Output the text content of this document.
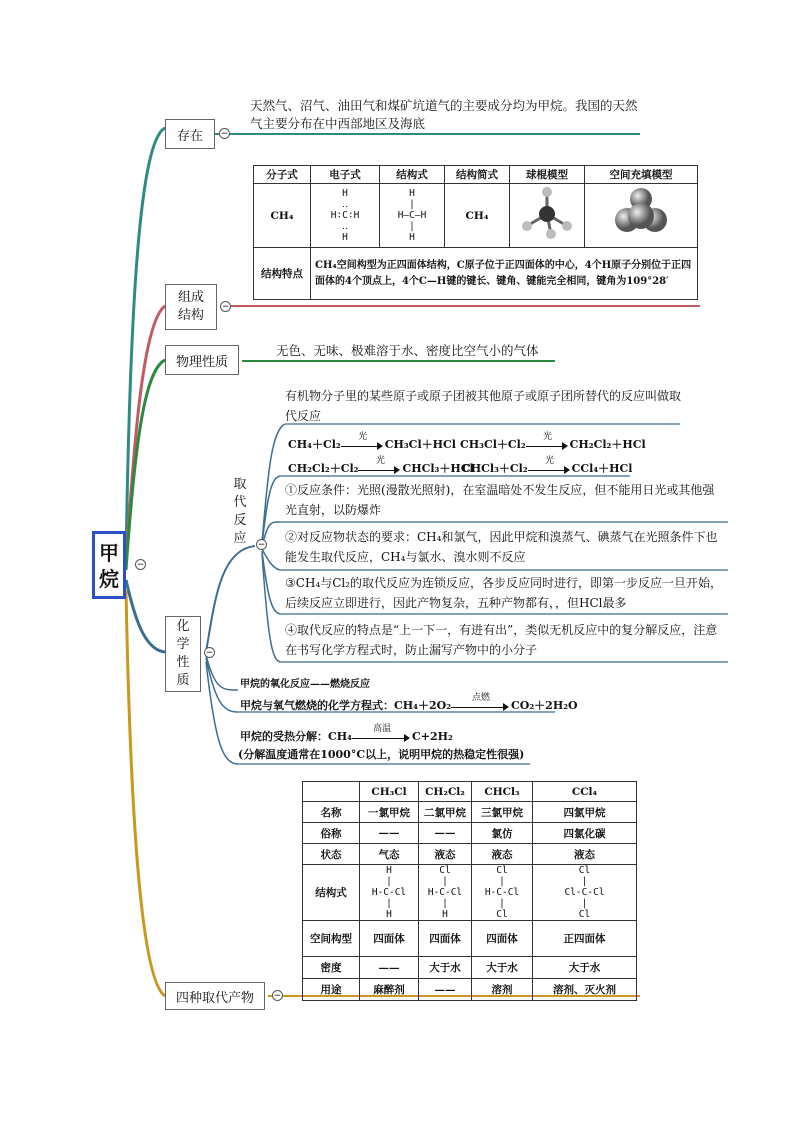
甲
烷
−
存在	−
天然气、沼气、油田气和煤矿坑道气的主要成分均为甲烷。我国的天然气主要分布在中西部地区及海底
分子式	电子式	结构式	结构简式	球棍模型	空间充填模型
CH₄	H
‥
H∶C∶H
‥
H	H
|
H—C—H
|
H	CH₄		
结构特点	CH₄空间构型为正四面体结构，C原子位于正四面体的中心，4个H原子分别位于正四面体的4个顶点上，4个C—H键的键长、键角、键能完全相同，键角为109°28′				
组成
结构
−
物理性质
无色、无味、极难溶于水、密度比空气小的气体
化
学
性
质
−
取
代
反
应 −
有机物分子里的某些原子或原子团被其他原子或原子团所替代的反应叫做取代反应
CH₄＋Cl₂
光
CH₃Cl＋HCl CH₃Cl＋Cl₂
光
CH₂Cl₂＋HCl
CH₂Cl₂＋Cl₂
光
CHCl₃＋HCl
CHCl₃＋Cl₂
光
CCl₄＋HCl
①反应条件：光照(漫散光照射)，在室温暗处不发生反应，但不能用日光或其他强光直射，以防爆炸
②对反应物状态的要求：CH₄和氯气，因此甲烷和溴蒸气、碘蒸气在光照条件下也能发生取代反应，CH₄与氯水、溴水则不反应
③CH₄与Cl₂的取代反应为连锁反应，各步反应同时进行，即第一步反应一旦开始，后续反应立即进行，因此产物复杂，五种产物都有，，但HCl最多
④取代反应的特点是“上一下一，有进有出”，类似无机反应中的复分解反应，注意在书写化学方程式时，防止漏写产物中的小分子
甲烷的氧化反应——燃烧反应
甲烷与氧气燃烧的化学方程式：CH₄＋2O₂
点燃
CO₂＋2H₂O
甲烷的受热分解：CH₄
高温
C+2H₂
(分解温度通常在1000°C以上，说明甲烷的热稳定性很强)
	CH₃Cl	CH₂Cl₂	CHCl₃	CCl₄
名称	一氯甲烷	二氯甲烷	三氯甲烷	四氯甲烷
俗称	——	——	氯仿	四氯化碳
状态	气态	液态	液态	液态
结构式	H
|
H-C-Cl
|
H	Cl
|
H-C-Cl
|
H	Cl
|
H-C-Cl
|
Cl	Cl
|
Cl-C-Cl
|
Cl

空间构型	四面体	四面体	四面体	正四面体
密度	——	大于水	大于水	大于水
用途	麻醉剂	——	溶剂	溶剂、灭火剂
四种取代产物	−
